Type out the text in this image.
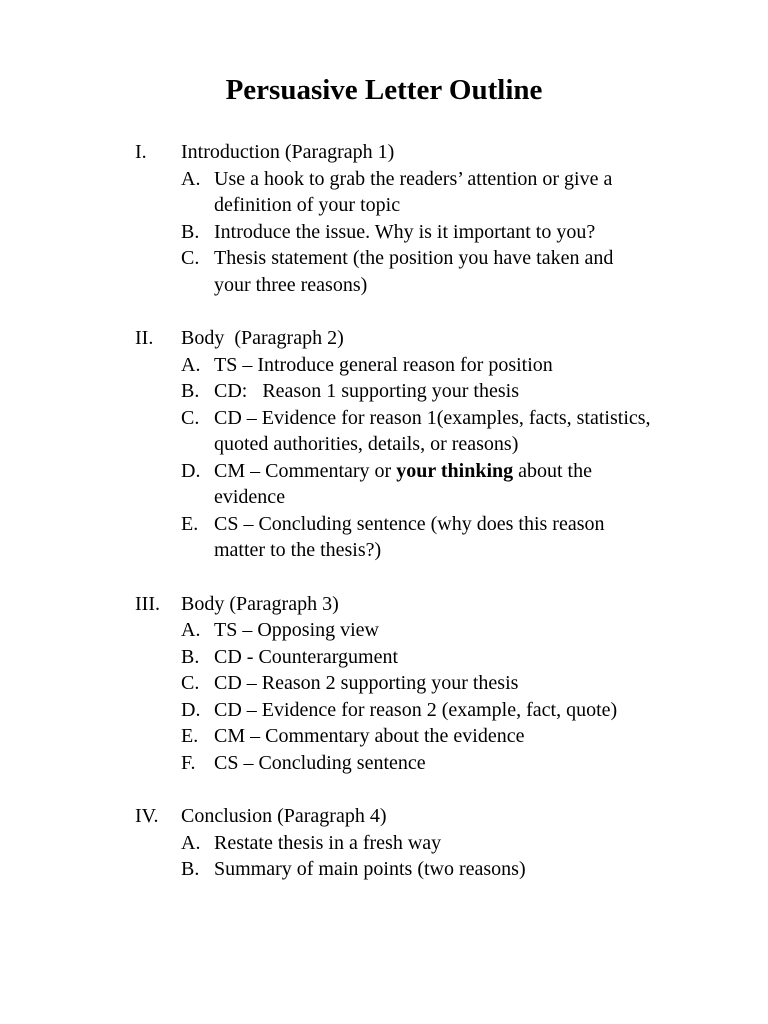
Persuasive Letter Outline
I.	Introduction (Paragraph 1)
A. Use a hook to grab the readers’ attention or give a definition of your topic
B. Introduce the issue. Why is it important to you?
C. Thesis statement (the position you have taken and your three reasons)
II.	Body  (Paragraph 2)
A. TS – Introduce general reason for position
B. CD:   Reason 1 supporting your thesis
C. CD – Evidence for reason 1(examples, facts, statistics, quoted authorities, details, or reasons)
D. CM – Commentary or your thinking about the evidence
E. CS – Concluding sentence (why does this reason matter to the thesis?)
III.	Body (Paragraph 3)
A. TS – Opposing view
B. CD - Counterargument
C. CD – Reason 2 supporting your thesis
D. CD – Evidence for reason 2 (example, fact, quote)
E. CM – Commentary about the evidence
F. CS – Concluding sentence
IV.	Conclusion (Paragraph 4)
A. Restate thesis in a fresh way
B. Summary of main points (two reasons)
